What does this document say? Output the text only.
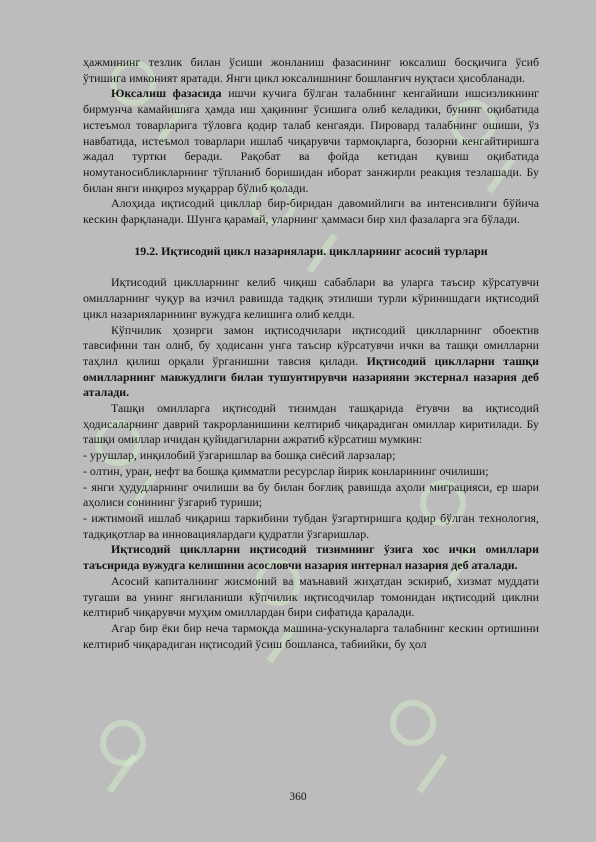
ҳажмининг тезлик билан ўсиши жонланиш фазасининг юксалиш босқичига ўсиб ўтишига имконият яратади. Янги цикл юксалишнинг бошланғич нуқтаси ҳисобланади.

Юксалиш фазасида ишчи кучига бўлган талабнинг кенгайиши ишсизликнинг бирмунча камайишига ҳамда иш ҳақининг ўсишига олиб келадики, бунинг оқибатида истеъмол товарларига тўловга қодир талаб кенгаяди. Пировард талабнинг ошиши, ўз навбатида, истеъмол товарлари ишлаб чиқарувчи тармоқларга, бозорни кенгайтиришга жадал туртки беради. Рақобат ва фойда кетидан қувиш оқибатида номутаносибликларнинг тўпланиб боришидан иборат занжирли реакция тезлашади. Бу билан янги инқироз муқаррар бўлиб қолади.

Алоҳида иқтисодий цикллар бир-биридан давомийлиги ва интенсивлиги бўйича кескин фарқланади. Шунга қарамай, уларнинг ҳаммаси бир хил фазаларга эга бўлади.

19.2. Иқтисодий цикл назариялари. циклларнинг асосий турлари

Иқтисодий циклларнинг келиб чиқиш сабаблари ва уларга таъсир кўрсатувчи омилларнинг чуқур ва изчил равишда тадқиқ этилиши турли кўринишдаги иқтисодий цикл назарияларининг вужудга келишига олиб келди.

Кўпчилик ҳозирги замон иқтисодчилари иқтисодий циклларнинг обоектив тавсифини тан олиб, бу ҳодисанн унга таъсир кўрсатувчи ички ва ташқи омилларни таҳлил қилиш орқали ўрганишни тавсия қилади. Иқтисодий циклларни ташқи омилларнинг мавжудлиги билан тушунтирувчи назарияни экстернал назария деб аталади.

Ташқи омилларга иқтисодий тизимдан ташқарида ётувчи ва иқтисодий ҳодисаларнинг даврий такрорланишини келтириб чиқарадиган омиллар киритилади. Бу ташқи омиллар ичидан қуйидагиларни ажратиб кўрсатиш мумкин:

- урушлар, инқилобий ўзгаришлар ва бошқа сиёсий ларзалар;

- олтин, уран, нефт ва бошқа қимматли ресурслар йирик конларининг очилиши;

- янги ҳудудларнинг очилиши ва бу билан боғлиқ равишда аҳоли миграцияси, ер шари аҳолиси сонининг ўзгариб туриши;

- ижтимоий ишлаб чиқариш таркибини тубдан ўзгартиришга қодир бўлган технология, тадқиқотлар ва инновациялардаги қудратли ўзгаришлар.

Иқтисодий циклларни иқтисодий тизимнинг ўзига хос ички омиллари таъсирида вужудга келишини асословчи назария интернал назария деб аталади.

Асосий капиталнинг жисмоний ва маънавий жиҳатдан эскириб, хизмат муддати тугаши ва унинг янгиланиши кўпчилик иқтисодчилар томонидан иқтисодий циклни келтириб чиқарувчи муҳим омиллардан бири сифатида қаралади.

Агар бир ёки бир неча тармоқда машина-ускуналарга талабнинг кескин ортишини келтириб чиқарадиган иқтисодий ўсиш бошланса, табиийки, бу ҳол

360
